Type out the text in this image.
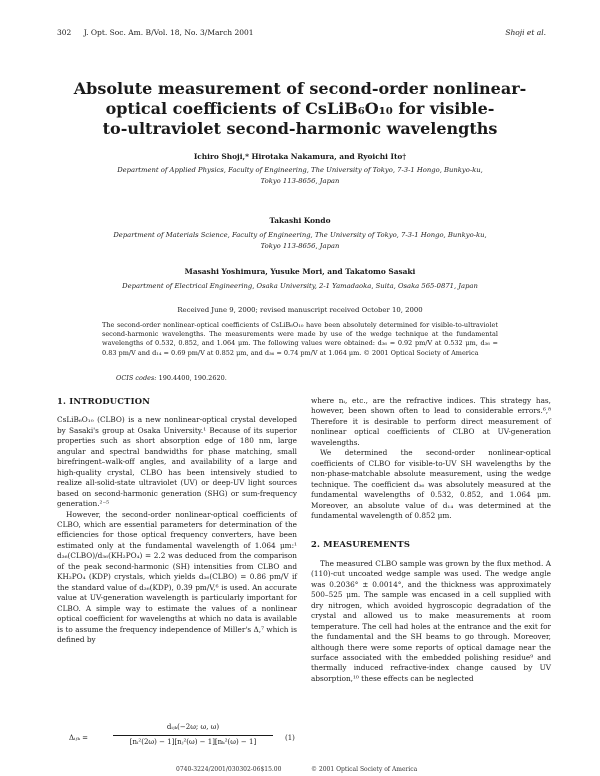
302 J. Opt. Soc. Am. B/Vol. 18, No. 3/March 2001	Shoji et al.
Absolute measurement of second-order nonlinear-
optical coefficients of CsLiB₆O₁₀ for visible-
to-ultraviolet second-harmonic wavelengths
Ichiro Shoji,* Hirotaka Nakamura, and Ryoichi Ito†
Department of Applied Physics, Faculty of Engineering, The University of Tokyo, 7-3-1 Hongo, Bunkyo-ku,
Tokyo 113-8656, Japan
Takashi Kondo
Department of Materials Science, Faculty of Engineering, The University of Tokyo, 7-3-1 Hongo, Bunkyo-ku,
Tokyo 113-8656, Japan
Masashi Yoshimura, Yusuke Mori, and Takatomo Sasaki
Department of Electrical Engineering, Osaka University, 2-1 Yamadaoka, Suita, Osaka 565-0871, Japan
Received June 9, 2000; revised manuscript received October 10, 2000

The second-order nonlinear-optical coefficients of CsLiB₆O₁₀ have been absolutely determined for visible-to-ultraviolet second-harmonic wavelengths. The measurements were made by use of the wedge technique at the fundamental wavelengths of 0.532, 0.852, and 1.064 μm. The following values were obtained: d₃₆ = 0.92 pm/V at 0.532 μm, d₃₆ = 0.83 pm/V and d₁₄ = 0.69 pm/V at 0.852 μm, and d₃₆ = 0.74 pm/V at 1.064 μm. © 2001 Optical Society of America

OCIS codes: 190.4400, 190.2620.
1. INTRODUCTION

CsLiB₆O₁₀ (CLBO) is a new nonlinear-optical crystal developed by Sasaki's group at Osaka University.¹ Because of its superior properties such as short absorption edge of 180 nm, large angular and spectral bandwidths for phase matching, small birefringent–walk-off angles, and availability of a large and high-quality crystal, CLBO has been intensively studied to realize all-solid-state ultraviolet (UV) or deep-UV light sources based on second-harmonic generation (SHG) or sum-frequency generation.²⁻⁵

However, the second-order nonlinear-optical coefficients of CLBO, which are essential parameters for determination of the efficiencies for those optical frequency converters, have been estimated only at the fundamental wavelength of 1.064 μm:¹ d₃₆(CLBO)/d₃₆(KH₂PO₄) = 2.2 was deduced from the comparison of the peak second-harmonic (SH) intensities from CLBO and KH₂PO₄ (KDP) crystals, which yields d₃₆(CLBO) = 0.86 pm/V if the standard value of d₃₆(KDP), 0.39 pm/V,⁶ is used. An accurate value at UV-generation wavelength is particularly important for CLBO. A simple way to estimate the values of a nonlinear optical coefficient for wavelengths at which no data is available is to assume the frequency independence of Miller's Δ,⁷ which is defined by

Δᵢⱼₖ =
dᵢⱼₖ(−2ω; ω, ω)
[nᵢ²(2ω) − 1][nⱼ²(ω) − 1][nₖ²(ω) − 1]	(1)

where nᵢ, etc., are the refractive indices. This strategy has, however, been shown often to lead to considerable errors.⁶,⁸ Therefore it is desirable to perform direct measurement of nonlinear optical coefficients of CLBO at UV-generation wavelengths.

We determined the second-order nonlinear-optical coefficients of CLBO for visible-to-UV SH wavelengths by the non-phase-matchable absolute measurement, using the wedge technique. The coefficient d₃₆ was absolutely measured at the fundamental wavelengths of 0.532, 0.852, and 1.064 μm. Moreover, an absolute value of d₁₄ was determined at the fundamental wavelength of 0.852 μm.

2. MEASUREMENTS

The measured CLBO sample was grown by the flux method. A (110)-cut uncoated wedge sample was used. The wedge angle was 0.2036° ± 0.0014°, and the thickness was approximately 500–525 μm. The sample was encased in a cell supplied with dry nitrogen, which avoided hygroscopic degradation of the crystal and allowed us to make measurements at room temperature. The cell had holes at the entrance and the exit for the fundamental and the SH beams to go through. Moreover, although there were some reports of optical damage near the surface associated with the embedded polishing residue⁹ and thermally induced refractive-index change caused by UV absorption,¹⁰ these effects can be neglected

0740-3224/2001/030302-06$15.00	© 2001 Optical Society of America
